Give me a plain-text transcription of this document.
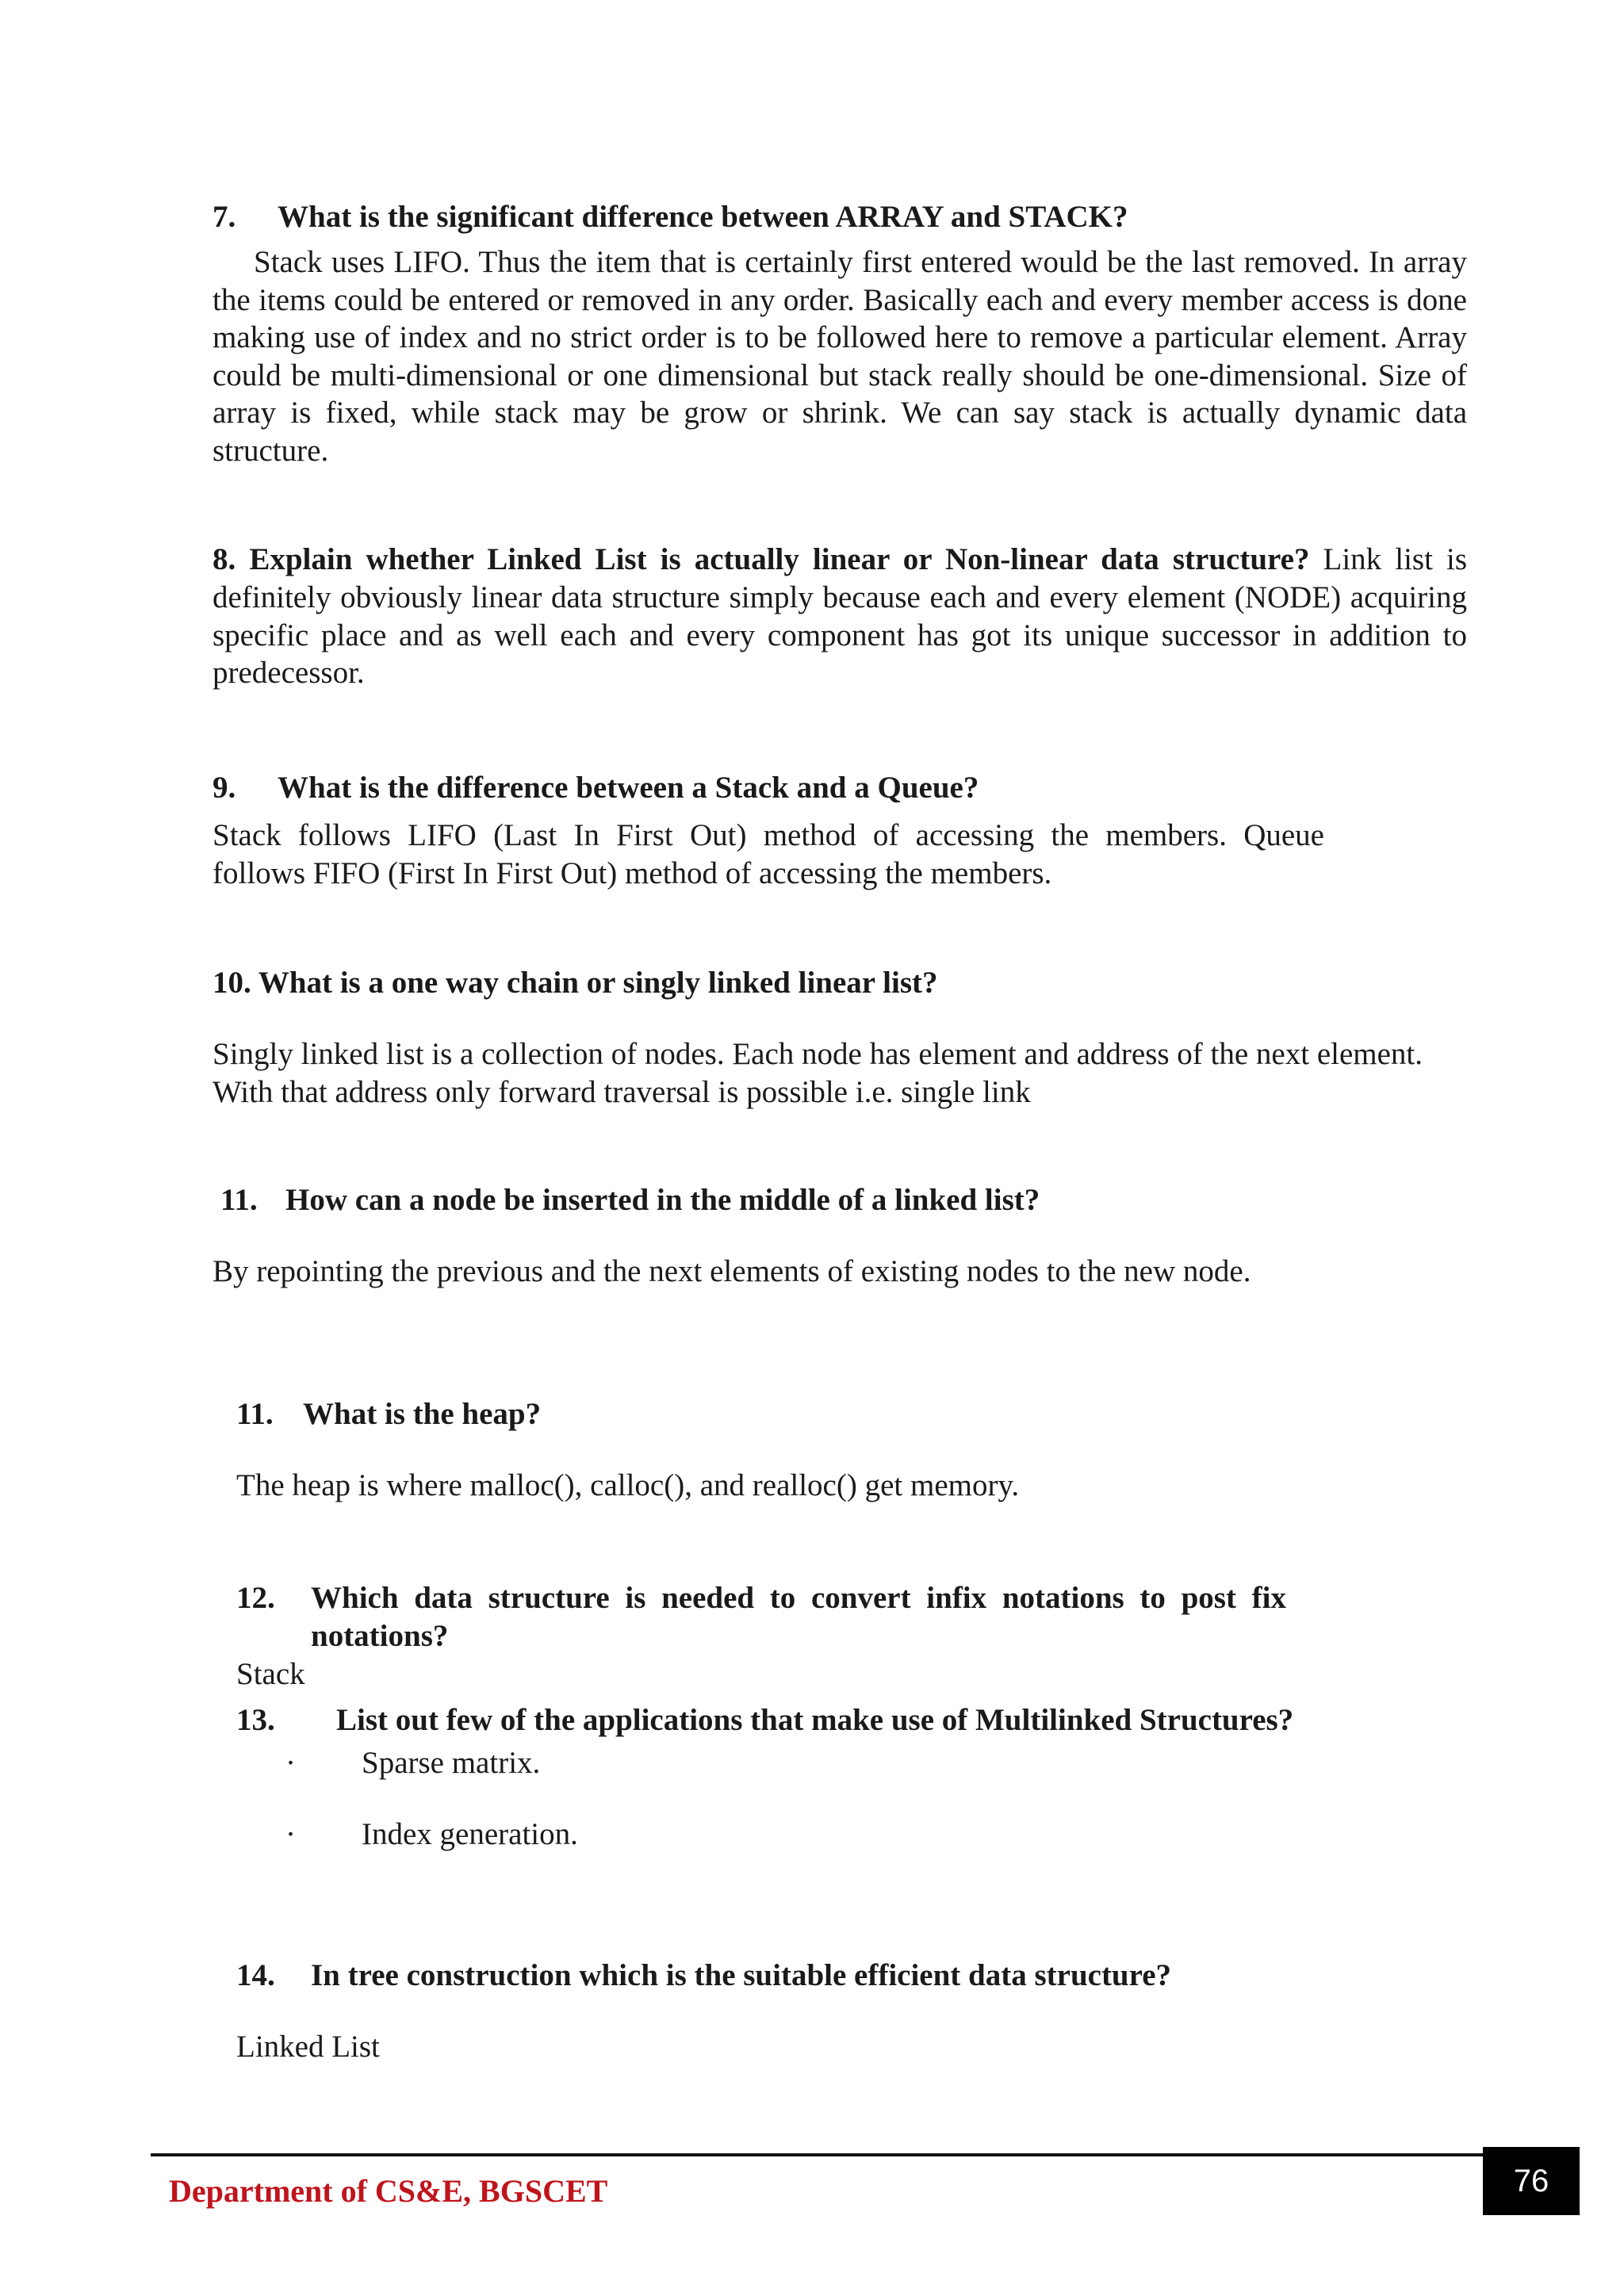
7. What is the significant difference between ARRAY and STACK?
Stack uses LIFO. Thus the item that is certainly first entered would be the last removed. In array the items could be entered or removed in any order. Basically each and every member access is done making use of index and no strict order is to be followed here to remove a particular element. Array could be multi-dimensional or one dimensional but stack really should be one-dimensional. Size of array is fixed, while stack may be grow or shrink. We can say stack is actually dynamic data structure.
8. Explain whether Linked List is actually linear or Non-linear data structure? Link list is definitely obviously linear data structure simply because each and every element (NODE) acquiring specific place and as well each and every component has got its unique successor in addition to predecessor.
9. What is the difference between a Stack and a Queue?
Stack follows LIFO (Last In First Out) method of accessing the members. Queue
follows FIFO (First In First Out) method of accessing the members.
10. What is a one way chain or singly linked linear list?
Singly linked list is a collection of nodes. Each node has element and address of the next element.
With that address only forward traversal is possible i.e. single link
11. How can a node be inserted in the middle of a linked list?
By repointing the previous and the next elements of existing nodes to the new node.
11. What is the heap?
The heap is where malloc(), calloc(), and realloc() get memory.
12. Which data structure is needed to convert infix notations to post fix
notations?
Stack
13. List out few of the applications that make use of Multilinked Structures?
· Sparse matrix.
· Index generation.
14. In tree construction which is the suitable efficient data structure?
Linked List
Department of CS&E, BGSCET	76
